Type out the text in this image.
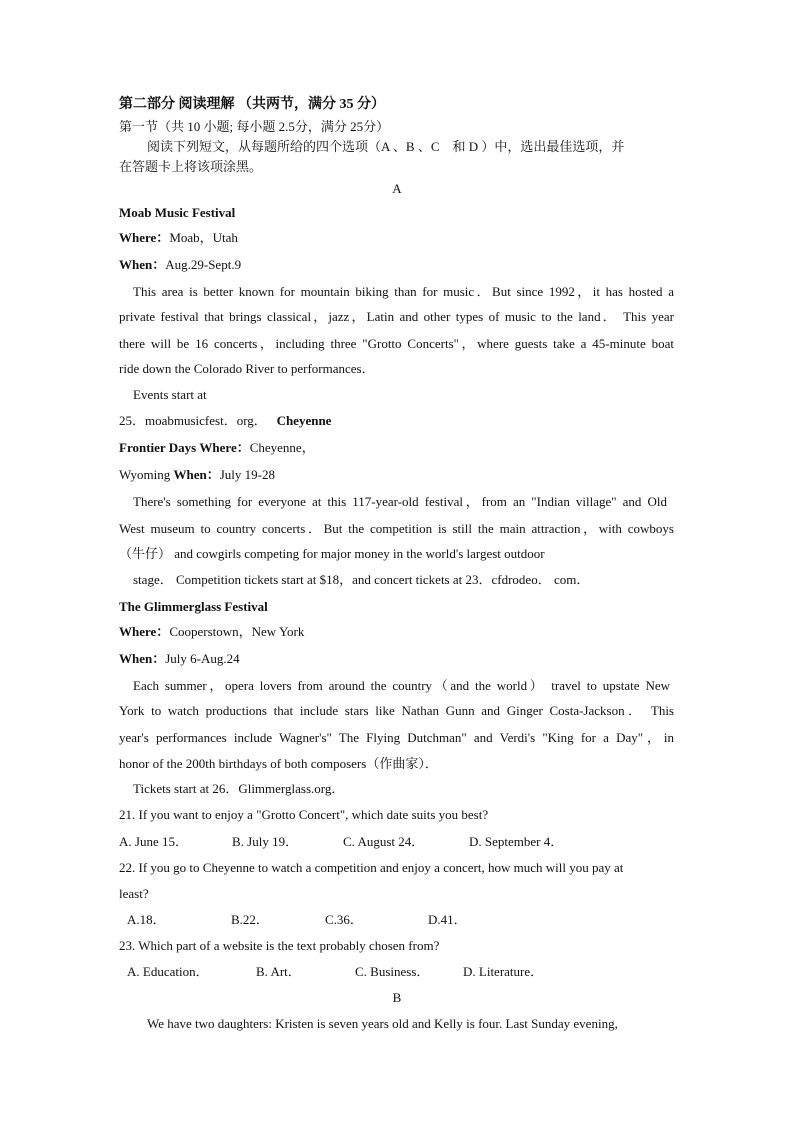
第二部分 阅读理解 （共两节，满分 35 分）
第一节（共 10 小题; 每小题 2.5分，满分 25分）
阅读下列短文，从每题所给的四个选项（A 、B 、C　和 D ）中，选出最佳选项，并
在答题卡上将该项涂黑。
A
Moab Music Festival
Where：Moab，Utah
When：Aug.29-Sept.9
This area is better known for mountain biking than for music．But since 1992，it has hosted a
private festival that brings classical，jazz，Latin and other types of music to the land． This year
there will be 16 concerts，including three "Grotto Concerts"，where guests take a 45-minute boat
ride down the Colorado River to performances．
Events start at
25．moabmusicfest．org． Cheyenne
Frontier Days Where：Cheyenne，
Wyoming When：July 19-28
There's something for everyone at this 117-year-old festival，from an "Indian village" and Old
West museum to country concerts．But the competition is still the main attraction，with cowboys
（牛仔） and cowgirls competing for major money in the world's largest outdoor
stage． Competition tickets start at $18，and concert tickets at 23．cfdrodeo． com．
The Glimmerglass Festival
Where：Cooperstown，New York
When：July 6-Aug.24
Each summer，opera lovers from around the country（and the world） travel to upstate New
York to watch productions that include stars like Nathan Gunn and Ginger Costa-Jackson． This
year's performances include Wagner's" The Flying Dutchman" and Verdi's "King for a Day"，in
honor of the 200th birthdays of both composers（作曲家）．
Tickets start at 26．Glimmerglass.org．
21. If you want to enjoy a "Grotto Concert", which date suits you best?
A. June 15．	B. July 19．	C. August 24．	D. September 4．
22. If you go to Cheyenne to watch a competition and enjoy a concert, how much will you pay at
least?
A.18．	B.22．	C.36．	D.41．
23. Which part of a website is the text probably chosen from?
A. Education．	B. Art．	C. Business．	D. Literature．
B
We have two daughters: Kristen is seven years old and Kelly is four. Last Sunday evening,
